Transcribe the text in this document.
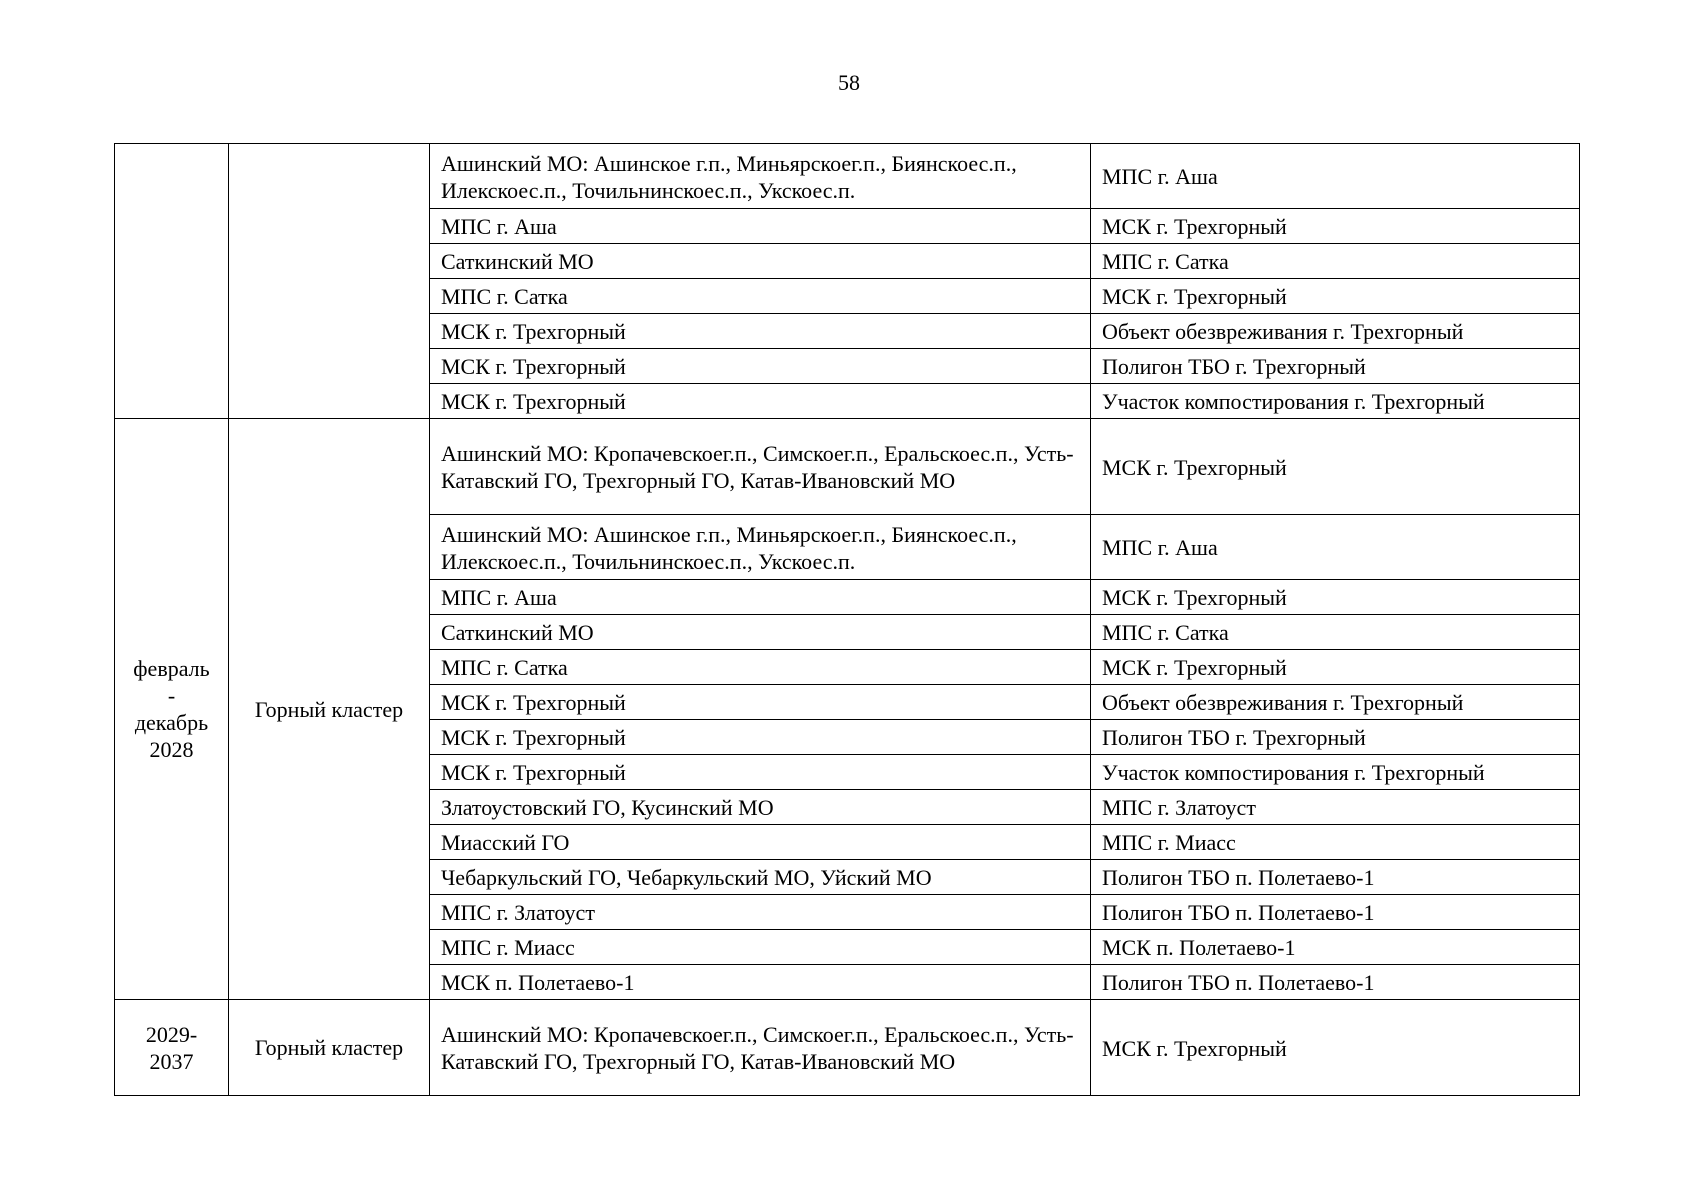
58
		Ашинский МО: Ашинское г.п., Миньярскоег.п., Биянскоес.п., Илекскоес.п., Точильнинскоес.п., Укскоес.п.	МПС г. Аша
		МПС г. Аша	МСК г. Трехгорный
		Саткинский МО	МПС г. Сатка
		МПС г. Сатка	МСК г. Трехгорный
		МСК г. Трехгорный	Объект обезвреживания г. Трехгорный
		МСК г. Трехгорный	Полигон ТБО г. Трехгорный
		МСК г. Трехгорный	Участок компостирования г. Трехгорный

февраль
-
декабрь
2028	Горный кластер	Ашинский МО: Кропачевскоег.п., Симскоег.п., Еральскоес.п., Усть-Катавский ГО, Трехгорный ГО, Катав-Ивановский МО	МСК г. Трехгорный
		Ашинский МО: Ашинское г.п., Миньярскоег.п., Биянскоес.п., Илекскоес.п., Точильнинскоес.п., Укскоес.п.	МПС г. Аша
		МПС г. Аша	МСК г. Трехгорный
		Саткинский МО	МПС г. Сатка
		МПС г. Сатка	МСК г. Трехгорный
		МСК г. Трехгорный	Объект обезвреживания г. Трехгорный
		МСК г. Трехгорный	Полигон ТБО г. Трехгорный
		МСК г. Трехгорный	Участок компостирования г. Трехгорный
		Златоустовский ГО, Кусинский МО	МПС г. Златоуст
		Миасский ГО	МПС г. Миасс
		Чебаркульский ГО, Чебаркульский МО, Уйский МО	Полигон ТБО п. Полетаево-1
		МПС г. Златоуст	Полигон ТБО п. Полетаево-1
		МПС г. Миасс	МСК п. Полетаево-1
		МСК п. Полетаево-1	Полигон ТБО п. Полетаево-1

2029-
2037	Горный кластер	Ашинский МО: Кропачевскоег.п., Симскоег.п., Еральскоес.п., Усть-Катавский ГО, Трехгорный ГО, Катав-Ивановский МО	МСК г. Трехгорный
